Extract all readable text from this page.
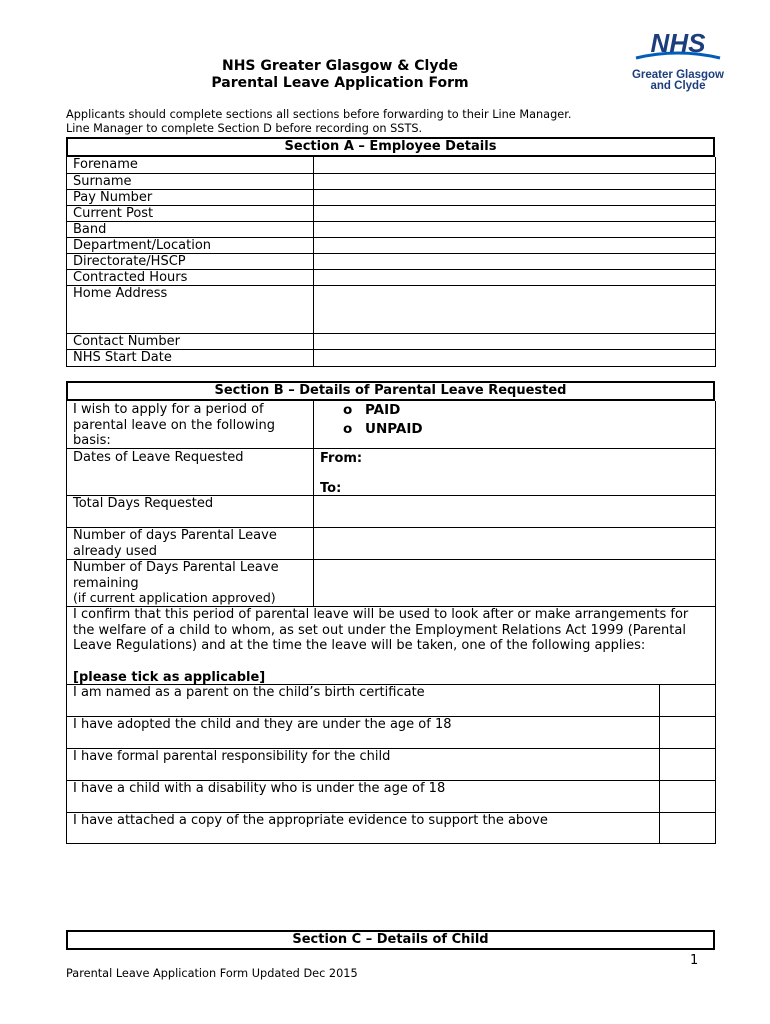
NHS Greater Glasgow & Clyde
Parental Leave Application Form
NHS
Greater Glasgow
and Clyde
Applicants should complete sections all sections before forwarding to their Line Manager.
Line Manager to complete Section D before recording on SSTS.
Section A – Employee Details
Forename
Surname
Pay Number
Current Post
Band
Department/Location
Directorate/HSCP
Contracted Hours
Home Address
Contact Number
NHS Start Date
Section B – Details of Parental Leave Requested
I wish to apply for a period of parental leave on the following basis:
o PAID
o UNPAID
Dates of Leave Requested	From:
To:
Total Days Requested
Number of days Parental Leave already used
Number of Days Parental Leave remaining
(if current application approved)
I confirm that this period of parental leave will be used to look after or make arrangements for the welfare of a child to whom, as set out under the Employment Relations Act 1999 (Parental Leave Regulations) and at the time the leave will be taken, one of the following applies:
[please tick as applicable]
I am named as a parent on the child’s birth certificate
I have adopted the child and they are under the age of 18
I have formal parental responsibility for the child
I have a child with a disability who is under the age of 18
I have attached a copy of the appropriate evidence to support the above
Section C – Details of Child
1
Parental Leave Application Form Updated Dec 2015
